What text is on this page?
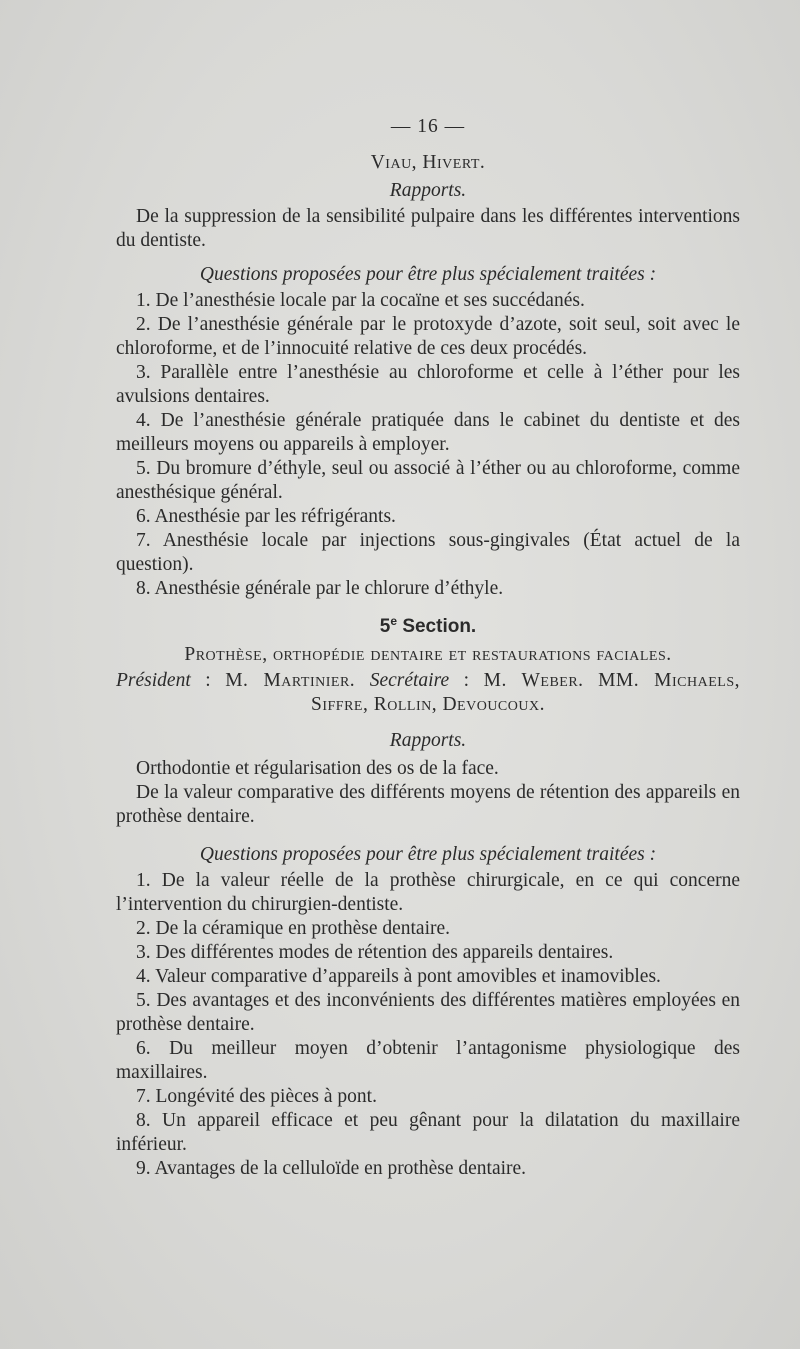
— 16 —
Viau, Hivert.
Rapports.

De la suppression de la sensibilité pulpaire dans les différentes interventions du dentiste.

Questions proposées pour être plus spécialement traitées :

1. De l’anesthésie locale par la cocaïne et ses succédanés.

2. De l’anesthésie générale par le protoxyde d’azote, soit seul, soit avec le chloroforme, et de l’innocuité relative de ces deux procédés.

3. Parallèle entre l’anesthésie au chloroforme et celle à l’éther pour les avulsions dentaires.

4. De l’anesthésie générale pratiquée dans le cabinet du dentiste et des meilleurs moyens ou appareils à employer.

5. Du bromure d’éthyle, seul ou associé à l’éther ou au chloroforme, comme anesthésique général.

6. Anesthésie par les réfrigérants.

7. Anesthésie locale par injections sous-gingivales (État actuel de la question).

8. Anesthésie générale par le chlorure d’éthyle.

5e Section.
Prothèse, orthopédie dentaire et restaurations faciales.
Président : M. Martinier. Secrétaire : M. Weber. MM. Michaels,
Siffre, Rollin, Devoucoux.
Rapports.

Orthodontie et régularisation des os de la face.

De la valeur comparative des différents moyens de rétention des appareils en prothèse dentaire.

Questions proposées pour être plus spécialement traitées :

1. De la valeur réelle de la prothèse chirurgicale, en ce qui concerne l’intervention du chirurgien-dentiste.

2. De la céramique en prothèse dentaire.

3. Des différentes modes de rétention des appareils dentaires.

4. Valeur comparative d’appareils à pont amovibles et inamovibles.

5. Des avantages et des inconvénients des différentes matières employées en prothèse dentaire.

6. Du meilleur moyen d’obtenir l’antagonisme physiologique des maxillaires.

7. Longévité des pièces à pont.

8. Un appareil efficace et peu gênant pour la dilatation du maxillaire inférieur.

9. Avantages de la celluloïde en prothèse dentaire.
